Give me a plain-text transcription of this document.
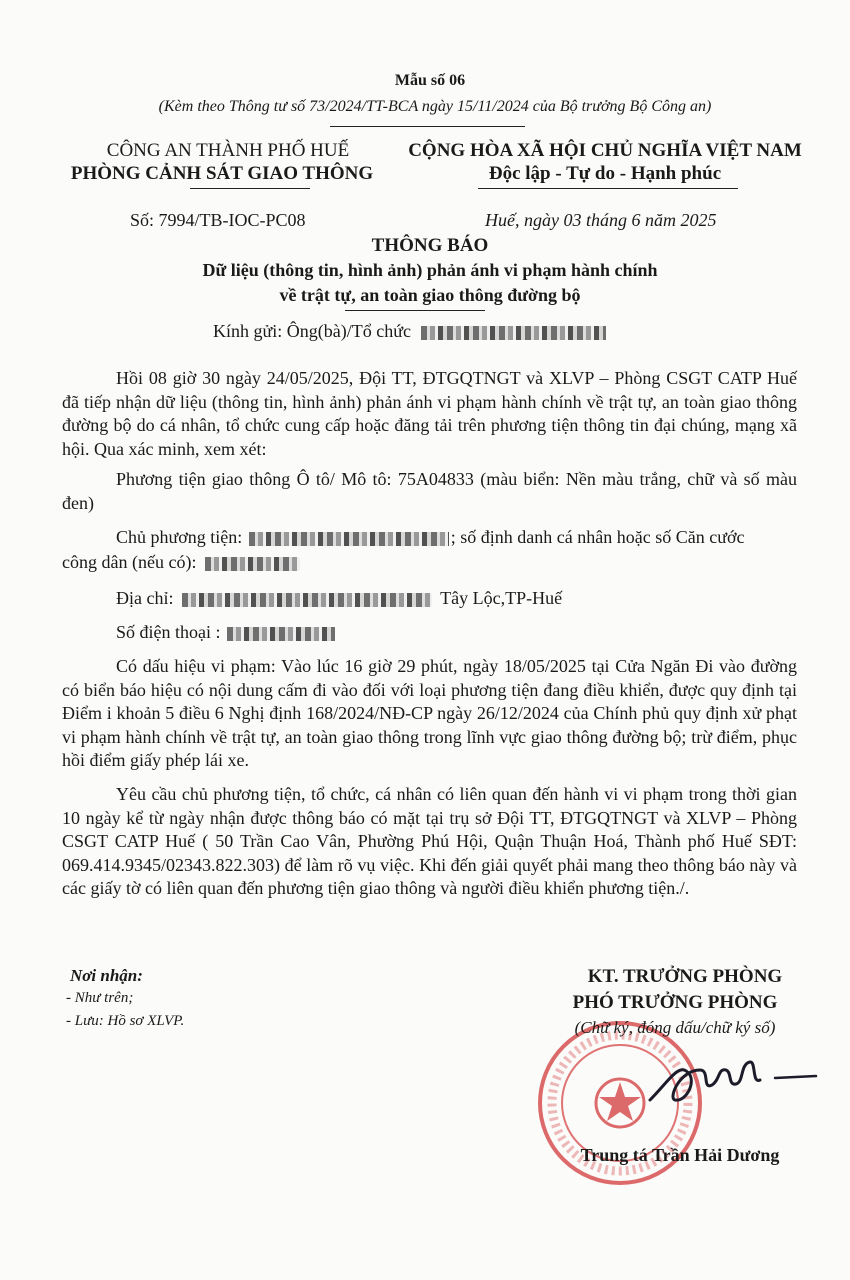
Mẫu số 06
(Kèm theo Thông tư số 73/2024/TT-BCA ngày 15/11/2024 của Bộ trưởng Bộ Công an)
CÔNG AN THÀNH PHỐ HUẾ
PHÒNG CẢNH SÁT GIAO THÔNG
CỘNG HÒA XÃ HỘI CHỦ NGHĨA VIỆT NAM
Độc lập - Tự do - Hạnh phúc
Số: 7994/TB-IOC-PC08	Huế, ngày 03 tháng 6 năm 2025
THÔNG BÁO
Dữ liệu (thông tin, hình ảnh) phản ánh vi phạm hành chính
về trật tự, an toàn giao thông đường bộ
Kính gửi: Ông(bà)/Tổ chức
Hồi 08 giờ 30 ngày 24/05/2025, Đội TT, ĐTGQTNGT và XLVP – Phòng CSGT CATP Huế đã tiếp nhận dữ liệu (thông tin, hình ảnh) phản ánh vi phạm hành chính về trật tự, an toàn giao thông đường bộ do cá nhân, tổ chức cung cấp hoặc đăng tải trên phương tiện thông tin đại chúng, mạng xã hội. Qua xác minh, xem xét:
Phương tiện giao thông Ô tô/ Mô tô: 75A04833 (màu biển: Nền màu trắng, chữ và số màu đen)
Chủ phương tiện:	; số định danh cá nhân hoặc số Căn cước
công dân (nếu có):
Địa chỉ:	Tây Lộc,TP-Huế
Số điện thoại :
Có dấu hiệu vi phạm: Vào lúc 16 giờ 29 phút, ngày 18/05/2025 tại Cửa Ngăn Đi vào đường có biển báo hiệu có nội dung cấm đi vào đối với loại phương tiện đang điều khiển, được quy định tại Điểm i khoản 5 điều 6 Nghị định 168/2024/NĐ-CP ngày 26/12/2024 của Chính phủ quy định xử phạt vi phạm hành chính về trật tự, an toàn giao thông trong lĩnh vực giao thông đường bộ; trừ điểm, phục hồi điểm giấy phép lái xe.
Yêu cầu chủ phương tiện, tổ chức, cá nhân có liên quan đến hành vi vi phạm trong thời gian 10 ngày kể từ ngày nhận được thông báo có mặt tại trụ sở Đội TT, ĐTGQTNGT và XLVP – Phòng CSGT CATP Huế ( 50 Trần Cao Vân, Phường Phú Hội, Quận Thuận Hoá, Thành phố Huế SĐT: 069.414.9345/02343.822.303) để làm rõ vụ việc. Khi đến giải quyết phải mang theo thông báo này và các giấy tờ có liên quan đến phương tiện giao thông và người điều khiển phương tiện./.
Nơi nhận:
- Như trên;
- Lưu: Hồ sơ XLVP.
KT. TRƯỞNG PHÒNG
PHÓ TRƯỞNG PHÒNG
(Chữ ký, đóng dấu/chữ ký số)
Trung tá Trần Hải Dương
